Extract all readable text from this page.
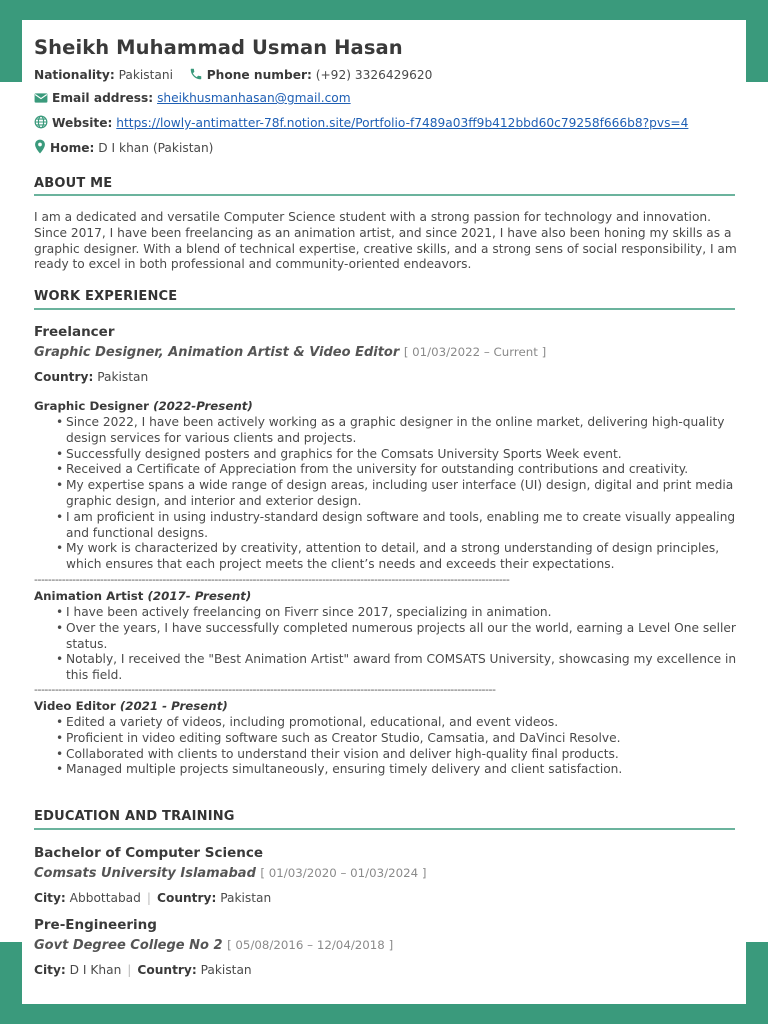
Sheikh Muhammad Usman Hasan
Nationality: Pakistani	Phone number: (+92) 3326429620
Email address: sheikhusmanhasan@gmail.com
Website: https://lowly-antimatter-78f.notion.site/Portfolio-f7489a03ff9b412bbd60c79258f666b8?pvs=4
Home: D I khan (Pakistan)
ABOUT ME
I am a dedicated and versatile Computer Science student with a strong passion for technology and innovation. Since 2017, I have been freelancing as an animation artist, and since 2021, I have also been honing my skills as a graphic designer. With a blend of technical expertise, creative skills, and a strong sens of social responsibility, I am ready to excel in both professional and community-oriented endeavors.
WORK EXPERIENCE
Freelancer
Graphic Designer, Animation Artist & Video Editor [ 01/03/2022 – Current ]
Country: Pakistan
Graphic Designer (2022-Present)
• Since 2022, I have been actively working as a graphic designer in the online market, delivering high-quality design services for various clients and projects.
• Successfully designed posters and graphics for the Comsats University Sports Week event.
• Received a Certificate of Appreciation from the university for outstanding contributions and creativity.
• My expertise spans a wide range of design areas, including user interface (UI) design, digital and print media graphic design, and interior and exterior design.
• I am proficient in using industry-standard design software and tools, enabling me to create visually appealing and functional designs.
• My work is characterized by creativity, attention to detail, and a strong understanding of design principles, which ensures that each project meets the client’s needs and exceeds their expectations.
-----------------------------------------------------------------------------------------------------------------------------------------
Animation Artist (2017- Present)
• I have been actively freelancing on Fiverr since 2017, specializing in animation.
• Over the years, I have successfully completed numerous projects all our the world, earning a Level One seller status.
• Notably, I received the "Best Animation Artist" award from COMSATS University, showcasing my excellence in this field.
-------------------------------------------------------------------------------------------------------------------------------------
Video Editor (2021 - Present)
• Edited a variety of videos, including promotional, educational, and event videos.
• Proficient in video editing software such as Creator Studio, Camsatia, and DaVinci Resolve.
• Collaborated with clients to understand their vision and deliver high-quality final products.
• Managed multiple projects simultaneously, ensuring timely delivery and client satisfaction.
EDUCATION AND TRAINING
Bachelor of Computer Science
Comsats University Islamabad [ 01/03/2020 – 01/03/2024 ]
City: Abbottabad | Country: Pakistan
Pre-Engineering
Govt Degree College No 2 [ 05/08/2016 – 12/04/2018 ]
City: D I Khan | Country: Pakistan
